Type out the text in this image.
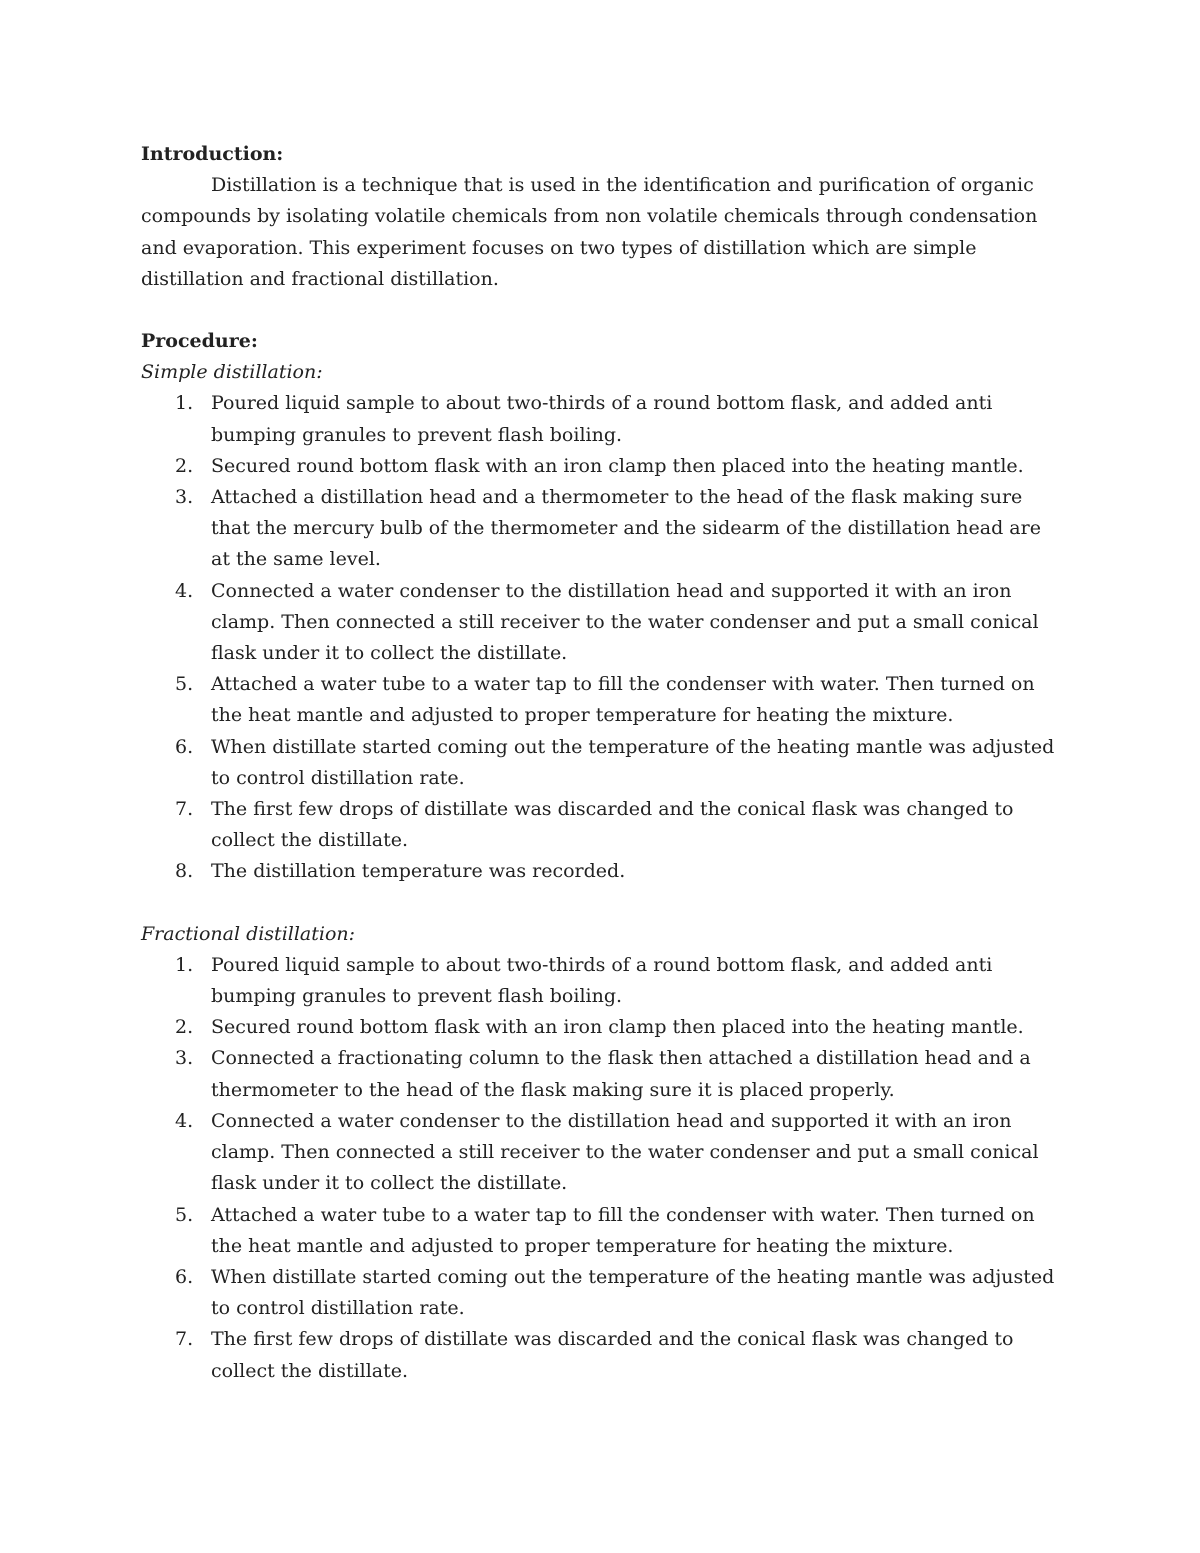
Introduction:

Distillation is a technique that is used in the identification and purification of organic compounds by isolating volatile chemicals from non volatile chemicals through condensation and evaporation. This experiment focuses on two types of distillation which are simple distillation and fractional distillation.

Procedure:

Simple distillation:

1. Poured liquid sample to about two-thirds of a round bottom flask, and added anti bumping granules to prevent flash boiling.
2. Secured round bottom flask with an iron clamp then placed into the heating mantle.
3. Attached a distillation head and a thermometer to the head of the flask making sure that the mercury bulb of the thermometer and the sidearm of the distillation head are at the same level.
4. Connected a water condenser to the distillation head and supported it with an iron clamp. Then connected a still receiver to the water condenser and put a small conical flask under it to collect the distillate.
5. Attached a water tube to a water tap to fill the condenser with water. Then turned on the heat mantle and adjusted to proper temperature for heating the mixture.
6. When distillate started coming out the temperature of the heating mantle was adjusted to control distillation rate.
7. The first few drops of distillate was discarded and the conical flask was changed to collect the distillate.
8. The distillation temperature was recorded.

Fractional distillation:

1. Poured liquid sample to about two-thirds of a round bottom flask, and added anti bumping granules to prevent flash boiling.
2. Secured round bottom flask with an iron clamp then placed into the heating mantle.
3. Connected a fractionating column to the flask then attached a distillation head and a thermometer to the head of the flask making sure it is placed properly.
4. Connected a water condenser to the distillation head and supported it with an iron clamp. Then connected a still receiver to the water condenser and put a small conical flask under it to collect the distillate.
5. Attached a water tube to a water tap to fill the condenser with water. Then turned on the heat mantle and adjusted to proper temperature for heating the mixture.
6. When distillate started coming out the temperature of the heating mantle was adjusted to control distillation rate.
7. The first few drops of distillate was discarded and the conical flask was changed to collect the distillate.
